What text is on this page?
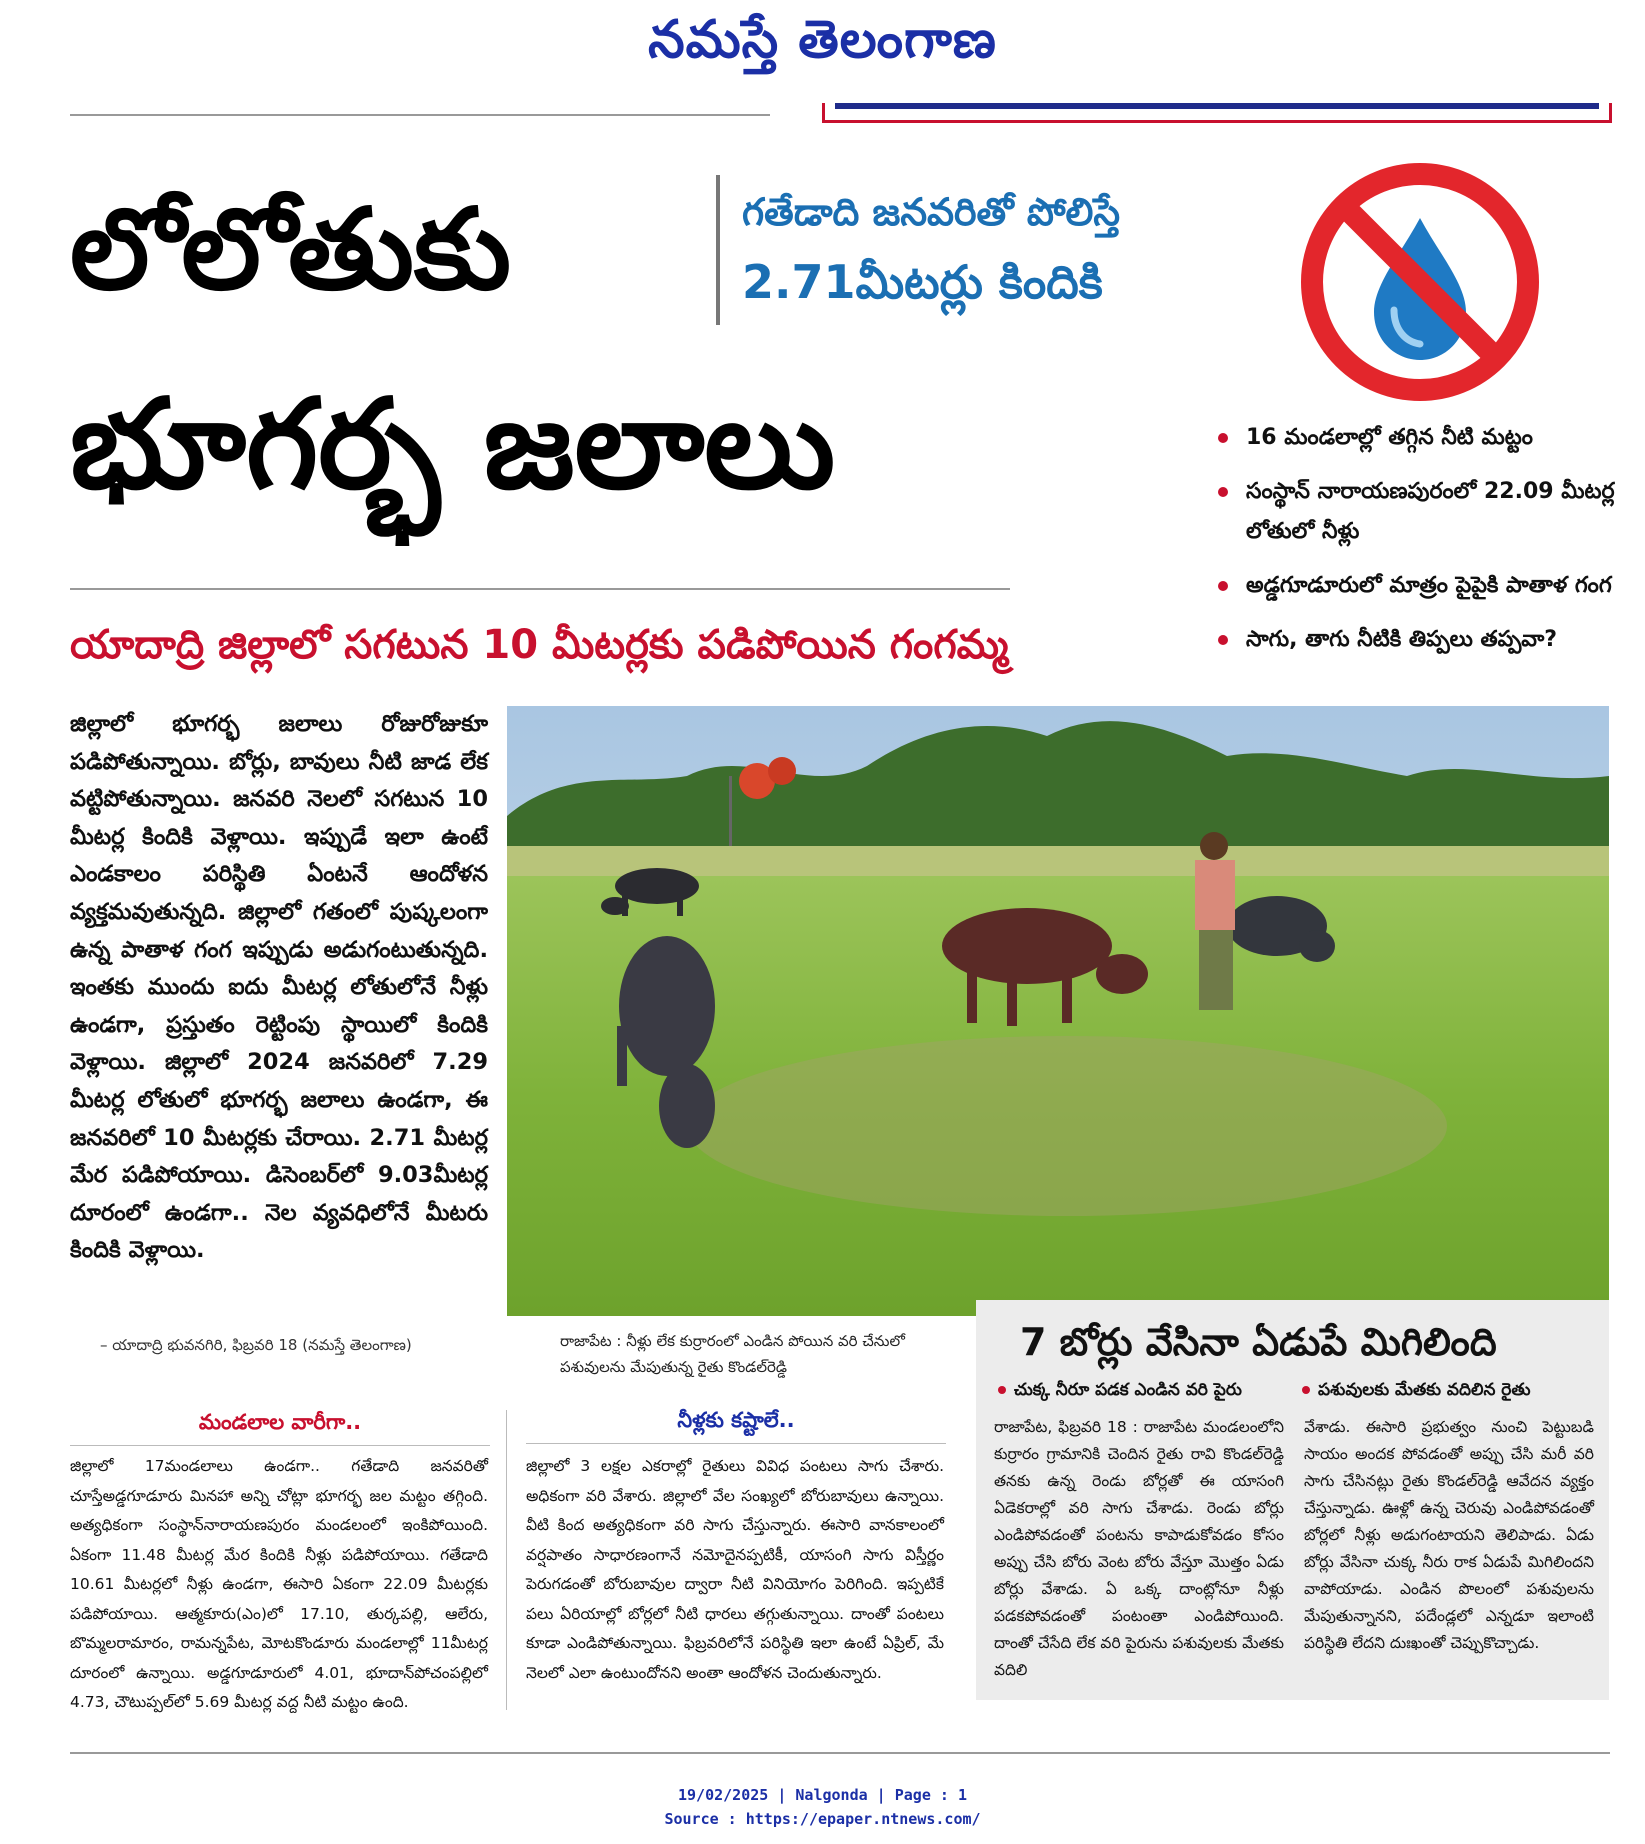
నమస్తే తెలంగాణ
లోలోతుకు
భూగర్భ జలాలు
గతేడాది జనవరితో పోలిస్తే
2.71మీటర్లు కిందికి
యాదాద్రి జిల్లాలో సగటున 10 మీటర్లకు పడిపోయిన గంగమ్మ
16 మండలాల్లో తగ్గిన నీటి మట్టం
సంస్థాన్ నారాయణపురంలో 22.09 మీటర్ల లోతులో నీళ్లు
అడ్డగూడూరులో మాత్రం పైపైకి పాతాళ గంగ
సాగు, తాగు నీటికి తిప్పలు తప్పవా?
జిల్లాలో భూగర్భ జలాలు రోజురోజుకూ పడిపోతున్నాయి. బోర్లు, బావులు నీటి జాడ లేక వట్టిపోతున్నాయి. జనవరి నెలలో సగటున 10 మీటర్ల కిందికి వెళ్లాయి. ఇప్పుడే ఇలా ఉంటే ఎండకాలం పరిస్థితి ఏంటనే ఆందోళన వ్యక్తమవుతున్నది. జిల్లాలో గతంలో పుష్కలంగా ఉన్న పాతాళ గంగ ఇప్పుడు అడుగంటుతున్నది. ఇంతకు ముందు ఐదు మీటర్ల లోతులోనే నీళ్లు ఉండగా, ప్రస్తుతం రెట్టింపు స్థాయిలో కిందికి వెళ్లాయి. జిల్లాలో 2024 జనవరిలో 7.29 మీటర్ల లోతులో భూగర్భ జలాలు ఉండగా, ఈ జనవరిలో 10 మీటర్లకు చేరాయి. 2.71 మీటర్ల మేర పడిపోయాయి. డిసెంబర్‌లో 9.03మీటర్ల దూరంలో ఉండగా.. నెల వ్యవధిలోనే మీటరు కిందికి వెళ్లాయి.
– యాదాద్రి భువనగిరి, ఫిబ్రవరి 18 (నమస్తే తెలంగాణ)	రాజాపేట : నీళ్లు లేక కుర్రారంలో ఎండిన పోయిన వరి చేనులో పశువులను మేపుతున్న రైతు కొండల్‌రెడ్డి
7 బోర్లు వేసినా ఏడుపే మిగిలింది
చుక్క నీరూ పడక ఎండిన వరి పైరు	పశువులకు మేతకు వదిలిన రైతు
రాజాపేట, ఫిబ్రవరి 18 : రాజాపేట మండలంలోని కుర్రారం గ్రామానికి చెందిన రైతు రావి కొండల్‌రెడ్డి తనకు ఉన్న రెండు బోర్లతో ఈ యాసంగి ఏడెకరాల్లో వరి సాగు చేశాడు. రెండు బోర్లు ఎండిపోవడంతో పంటను కాపాడుకోవడం కోసం అప్పు చేసి బోరు వెంట బోరు వేస్తూ మొత్తం ఏడు బోర్లు వేశాడు. ఏ ఒక్క దాంట్లోనూ నీళ్లు పడకపోవడంతో పంటంతా ఎండిపోయింది. దాంతో చేసేది లేక వరి పైరును పశువులకు మేతకు వదిలి
వేశాడు. ఈసారి ప్రభుత్వం నుంచి పెట్టుబడి సాయం అందక పోవడంతో అప్పు చేసి మరీ వరి సాగు చేసినట్లు రైతు కొండల్‌రెడ్డి ఆవేదన వ్యక్తం చేస్తున్నాడు. ఊళ్లో ఉన్న చెరువు ఎండిపోవడంతో బోర్లలో నీళ్లు అడుగంటాయని తెలిపాడు. ఏడు బోర్లు వేసినా చుక్క నీరు రాక ఏడుపే మిగిలిందని వాపోయాడు. ఎండిన పొలంలో పశువులను మేపుతున్నానని, పదేండ్లలో ఎన్నడూ ఇలాంటి పరిస్థితి లేదని దుఃఖంతో చెప్పుకొచ్చాడు.
మండలాల వారీగా..
జిల్లాలో 17మండలాలు ఉండగా.. గతేడాది జనవరితో చూస్తేఅడ్డగూడూరు మినహా అన్ని చోట్లా భూగర్భ జల మట్టం తగ్గింది. అత్యధికంగా సంస్థాన్‌నారాయణపురం మండలంలో ఇంకిపోయింది. ఏకంగా 11.48 మీటర్ల మేర కిందికి నీళ్లు పడిపోయాయి. గతేడాది 10.61 మీటర్లలో నీళ్లు ఉండగా, ఈసారి ఏకంగా 22.09 మీటర్లకు పడిపోయాయి. ఆత్మకూరు(ఎం)లో 17.10, తుర్కపల్లి, ఆలేరు, బొమ్మలరామారం, రామన్నపేట, మోటకొండూరు మండలాల్లో 11మీటర్ల దూరంలో ఉన్నాయి. అడ్డగూడూరులో 4.01, భూదాన్‌పోచంపల్లిలో 4.73, చౌటుప్పల్‌లో 5.69 మీటర్ల వద్ద నీటి మట్టం ఉంది.
నీళ్లకు కష్టాలే..
జిల్లాలో 3 లక్షల ఎకరాల్లో రైతులు వివిధ పంటలు సాగు చేశారు. అధికంగా వరి వేశారు. జిల్లాలో వేల సంఖ్యలో బోరుబావులు ఉన్నాయి. వీటి కింద అత్యధికంగా వరి సాగు చేస్తున్నారు. ఈసారి వానకాలంలో వర్షపాతం సాధారణంగానే నమోదైనప్పటికీ, యాసంగి సాగు విస్తీర్ణం పెరుగడంతో బోరుబావుల ద్వారా నీటి వినియోగం పెరిగింది. ఇప్పటికే పలు ఏరియాల్లో బోర్లలో నీటి ధారలు తగ్గుతున్నాయి. దాంతో పంటలు కూడా ఎండిపోతున్నాయి. ఫిబ్రవరిలోనే పరిస్థితి ఇలా ఉంటే ఏప్రిల్, మే నెలలో ఎలా ఉంటుందోనని అంతా ఆందోళన చెందుతున్నారు.
19/02/2025 | Nalgonda | Page : 1
Source : https://epaper.ntnews.com/
